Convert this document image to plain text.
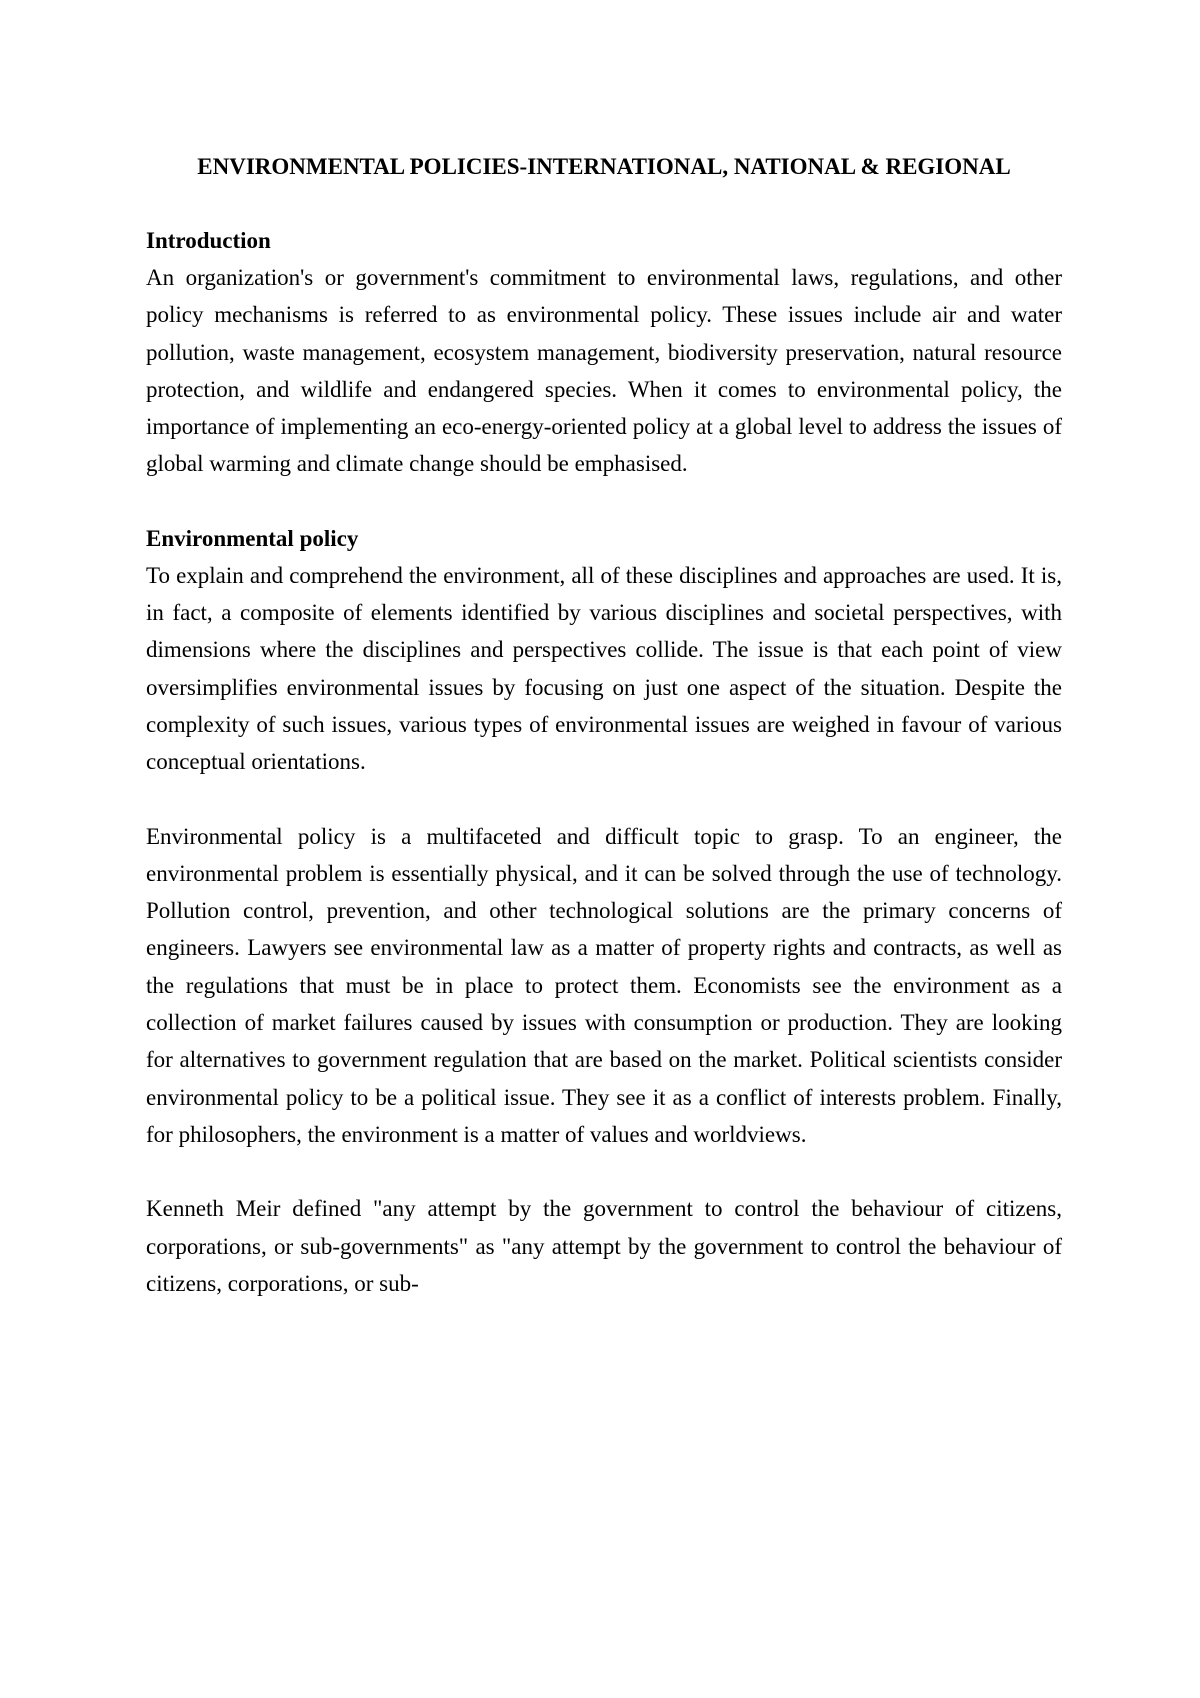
ENVIRONMENTAL POLICIES-INTERNATIONAL, NATIONAL & REGIONAL
Introduction

An organization's or government's commitment to environmental laws, regulations, and other policy mechanisms is referred to as environmental policy. These issues include air and water pollution, waste management, ecosystem management, biodiversity preservation, natural resource protection, and wildlife and endangered species. When it comes to environmental policy, the importance of implementing an eco-energy-oriented policy at a global level to address the issues of global warming and climate change should be emphasised.

Environmental policy

To explain and comprehend the environment, all of these disciplines and approaches are used. It is, in fact, a composite of elements identified by various disciplines and societal perspectives, with dimensions where the disciplines and perspectives collide. The issue is that each point of view oversimplifies environmental issues by focusing on just one aspect of the situation. Despite the complexity of such issues, various types of environmental issues are weighed in favour of various conceptual orientations.

Environmental policy is a multifaceted and difficult topic to grasp. To an engineer, the environmental problem is essentially physical, and it can be solved through the use of technology. Pollution control, prevention, and other technological solutions are the primary concerns of engineers. Lawyers see environmental law as a matter of property rights and contracts, as well as the regulations that must be in place to protect them. Economists see the environment as a collection of market failures caused by issues with consumption or production. They are looking for alternatives to government regulation that are based on the market. Political scientists consider environmental policy to be a political issue. They see it as a conflict of interests problem. Finally, for philosophers, the environment is a matter of values and worldviews.

Kenneth Meir defined "any attempt by the government to control the behaviour of citizens, corporations, or sub-governments" as "any attempt by the government to control the behaviour of citizens, corporations, or sub-
